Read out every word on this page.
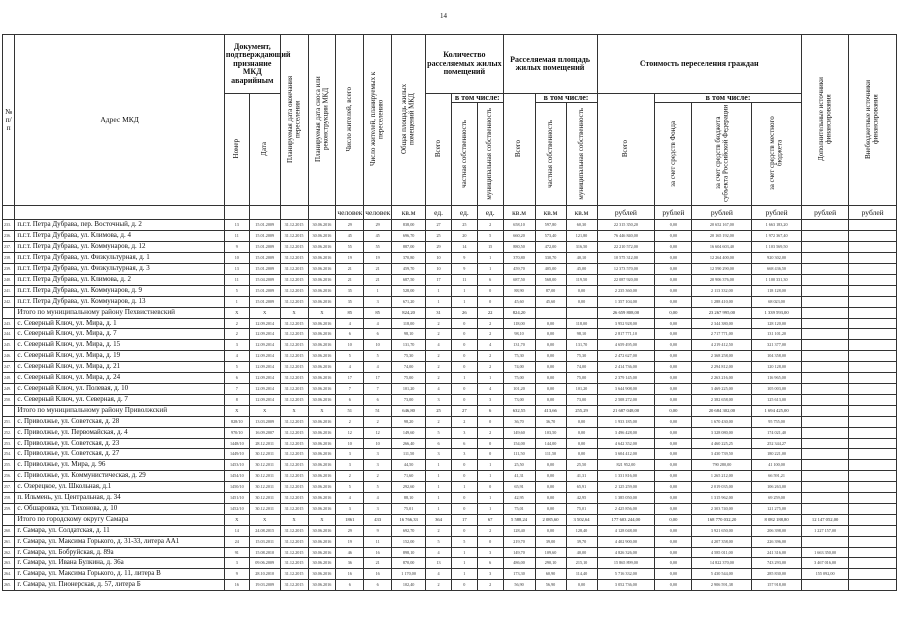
14
№ п/п	Адрес МКД	Документ, подтверждающий признание МКД аварийным		Планируемая дата окончания переселения	Планируемая дата сноса или реконструкции МКД	Число жителей, всего	Число жителей, планируемых к переселению	Общая площадь жилых помещений МКД	Количество расселяемых жилых помещений			Расселяемая площадь жилых помещений			Стоимость переселения граждан				Дополнительные источники финансирования	Внебюджетные источники финансирования
		Номер	Дата						Всего	в том числе:		Всего	в том числе:		Всего	в том числе:				
										частная собственность	муниципальная собственность		частная собственность	муниципальная собственность		за счет средств Фонда	за счет средств бюджета субъекта Российской Федерации	за счет средств местного бюджета		
						человек	человек	кв.м	ед.	ед.	ед.	кв.м	кв.м	кв.м	рублей	рублей	рублей	рублей	рублей	рублей
233.	п.г.т. Петра Дубрава, пер. Восточный, д. 2	13	15.01.2009	31.12.2015	30.06.2016	29	29	838,00	27	25	2	658,10	597,80	60,30	22 315 350,20	0,00	20 652 167,00	1 663 183,20		
236.	п.г.т. Петра Дубрава, ул. Климова, д. 4	11	15.01.2009	31.12.2015	30.06.2016	45	45	696,70	25	20	5	660,20	573,40	121,80	76 446 840,00	0,00	20 165 192,00	1 972 367,40		
237.	п.г.т. Петра Дубрава, ул. Коммунаров, д. 12	9	15.01.2009	31.12.2015	30.06.2016	55	55	887,00	29	14	15	880,50	472,00	316,50	22 210 572,00	0,00	16 604 603,40	1 103 569,50		
238.	п.г.т. Петра Дубрава, ул. Физкультурная, д. 1	10	15.01.2009	31.12.2015	30.06.2016	19	19	370,80	10	9	1	370,80	330,70	40,10	10 575 312,00	0,00	12 264 400,00	920 302,00		
239.	п.г.т. Петра Дубрава, ул. Физкультурная, д. 3	13	15.01.2009	31.12.2015	30.06.2016	21	21	459,70	10	9	1	459,70	405,00	45,00	12 373 570,00	0,00	12 590 290,00	668 436,50		
240.	п.г.т. Петра Дубрава, ул. Климова, д. 2	11	15.04.2009	31.12.2015	30.06.2016	21	21	687,50	17	11	6	687,50	568,00	119,50	22 087 920,00	0,00	20 906 376,00	1 100 331,30		
241.	п.г.т. Петра Дубрава, ул. Коммунаров, д. 9	5	15.01.2009	31.12.2015	30.06.2016	35	1	528,00	1	1	0	88,90	87,00	0,00	2 235 360,00	0,00	2 113 332,00	118 128,00		
242.	п.г.т. Петра Дубрава, ул. Коммунаров, д. 13	1	15.01.2009	31.12.2015	30.06.2016	35	3	671,20	1	1	0	45,60	45,60	0,00	1 357 104,00	0,00	1 288 410,00	68 023,00		
	Итого по муниципальному району Пехвистневский	X	X	X	X	85	85	824,20	31	26	22	824,20			26 659 808,00	0,00	23 267 995,00	1 339 593,00		
243.	с. Северный Ключ, ул. Мира, д. 1	2	12.09.2014	31.12.2015	30.06.2016	4	4	118,00	2	0	2	118,00	0,00	118,00	3 952 928,00	0,00	2 344 380,00	128 120,00		
244.	с. Северный Ключ, ул. Мира, д. 7	2	12.09.2014	31.12.2015	30.06.2016	6	6	98,10	2	0	2	98,10	0,00	98,10	2 817 771,10	0,00	2 717 771,00	131 101,20		
245.	с. Северный Ключ, ул. Мира, д. 15	3	12.09.2014	31.12.2015	30.06.2016	10	10	131,70	4	0	4	131,70	0,00	131,70	4 659 495,00	0,00	4 219 412,50	321 377,00		
246.	с. Северный Ключ, ул. Мира, д. 19	4	12.09.2014	31.12.2015	30.06.2016	5	5	75,30	2	0	2	75,30	0,00	75,30	2 472 627,00	0,00	2 368 258,00	104 358,00		
247.	с. Северный Ключ, ул. Мира, д. 21	5	12.09.2014	31.12.2015	30.06.2016	4	4	74,00	2	0	2	74,00	0,00	74,00	2 414 736,00	0,00	2 294 812,00	120 128,00		
248.	с. Северный Ключ, ул. Мира, д. 24	6	12.09.2014	31.12.2015	30.06.2016	17	17	75,00	2	1	1	75,00	0,00	75,00	2 379 145,00	0,00	2 263 216,00	116 965,00		
249.	с. Северный Ключ, ул. Полевая, д. 10	7	12.09.2014	31.12.2015	30.06.2016	7	7	101,20	4	0	4	101,20	0,00	101,20	3 644 908,00	0,00	3 469 225,00	105 003,00		
250.	с. Северный Ключ, ул. Северная, д. 7	8	12.09.2014	31.12.2015	30.06.2016	6	6	73,00	3	0	3	73,00	0,00	73,00	2 508 272,00	0,00	2 382 658,00	125 613,00		
	Итого по муниципальному району Приволжский	X	X	X	X	51	51	646,80	25	27	6	632,55	413,66	255,29	21 687 048,00	0,00	20 684 302,00	1 694 425,00		
251.	с. Приволжье, ул. Советская, д. 28	828/10	13.03.2009	31.12.2015	30.06.2016	2	2	98,20	2	2	0	36,70	36,70	0,00	1 933 185,00	0,00	1 670 430,00	95 755,00		
252.	с. Приволжье, ул. Первомайская, д. 4	970/10	16.09.2007	31.12.2015	30.06.2016	12	12	149,60	5	3	2	149,60	103,50	0,00	3 496 428,00	0,00	3 328 080,00	174 021,40		
253.	с. Приволжье, ул. Советская, д. 23	1448/10	28.12.2011	31.12.2015	30.06.2016	10	10	266,40	6	6	0	154,00	144,00	0,00	4 642 352,00	0,00	4 460 225,25	252 344,27		
254.	с. Приволжье, ул. Советская, д. 27	1449/10	30.12.2011	31.12.2015	30.06.2016	3	3	111,50	3	3	0	111,50	111,50	0,00	3 604 412,00	0,00	3 430 739,50	180 221,00		
255.	с. Приволжье, ул. Мира, д. 96	1453/10	30.12.2011	31.12.2015	30.06.2016	3	3	44,50	1	0	1	25,50	0,00	25,50	821 952,00	0,00	790 280,00	41 100,00		
256.	с. Приволжье, ул. Коммунистическая, д. 29	1454/10	30.12.2011	31.12.2015	30.06.2016	2	2	71,60	1	0	1	41,31	0,00	41,31	1 331 816,00	0,00	1 265 212,00	66 591,21		
257.	с. Озерецкое, ул. Школьная, д.1	1450/10	30.12.2011	31.12.2015	30.06.2016	5	5	292,60	1	1	0	65,91	0,00	65,91	2 125 259,00	0,00	2 019 035,00	106 263,00		
258.	п. Ильмень, ул. Центральная, д. 34	1451/10	30.12.2011	31.12.2015	30.06.2016	4	4	88,10	1	0	1	42,95	0,00	42,95	1 385 050,00	0,00	1 315 962,00	69 259,00		
259.	с. Обшаровка, ул. Тихонова, д. 10	1452/10	30.12.2011	31.12.2015	30.06.2016	3	3	75,01	1	0	1	75,01	0,00	75,01	2 425 856,00	0,00	2 303 740,00	121 275,00		
	Итого по городскому округу Самара	X	X	X	X	1861	433	16 766,33	364	17	67	5 588,24	2 085,60	3 502,64	177 603 244,00	0,00	168 770 032,20	8 082 188,80	12 147 052,00	
260.	г. Самара, ул. Солдатская, д. 11	14	24.08.2015	31.12.2015	30.06.2016	29	9	692,70	2	0	2	128,40	0,00	128,40	4 128 048,00	0,00	3 921 650,00	206 398,00	1 227 157,00	
261.	г. Самара, ул. Максима Горького, д. 31-33, литера АА1	24	15.03.2011	31.12.2015	30.06.2016	19	11	152,00	5	5	0	219,70	39,00	39,70	4 402 900,00	0,00	4 207 358,00	226 396,00		
262.	г. Самара, ул. Бобруйская, д. 89а	91	15.08.2010	31.12.2015	30.06.2016	46	16	898,10	4	1	3	149,70	109,60	40,00	4 826 326,00	0,00	4 585 011,00	241 316,00	1 663 350,00	
263.	г. Самара, ул. Ивана Булкина, д. 36а	3	09.06.2009	31.12.2015	30.06.2016	36	21	870,00	13	1	6	486,00	290,10	215,10	15 865 899,00	0,00	14 822 370,00	743 293,00	3 467 016,00	
264.	г. Самара, ул. Максима Горького, д. 11, литера В	9	28.10.2010	31.12.2015	30.06.2016	16	16	1 170,00	4	1	3	173,30	60,90	114,40	5 716 332,00	0,00	5 430 544,00	285 830,00	155 092,00	
265.	г. Самара, ул. Пионерская, д. 57, литера Б	16	19.03.2009	31.12.2015	30.06.2016	6	6	102,40	2	0	2	56,90	56,90	0,00	3 052 736,00	0,00	2 906 591,38	157 918,00		
